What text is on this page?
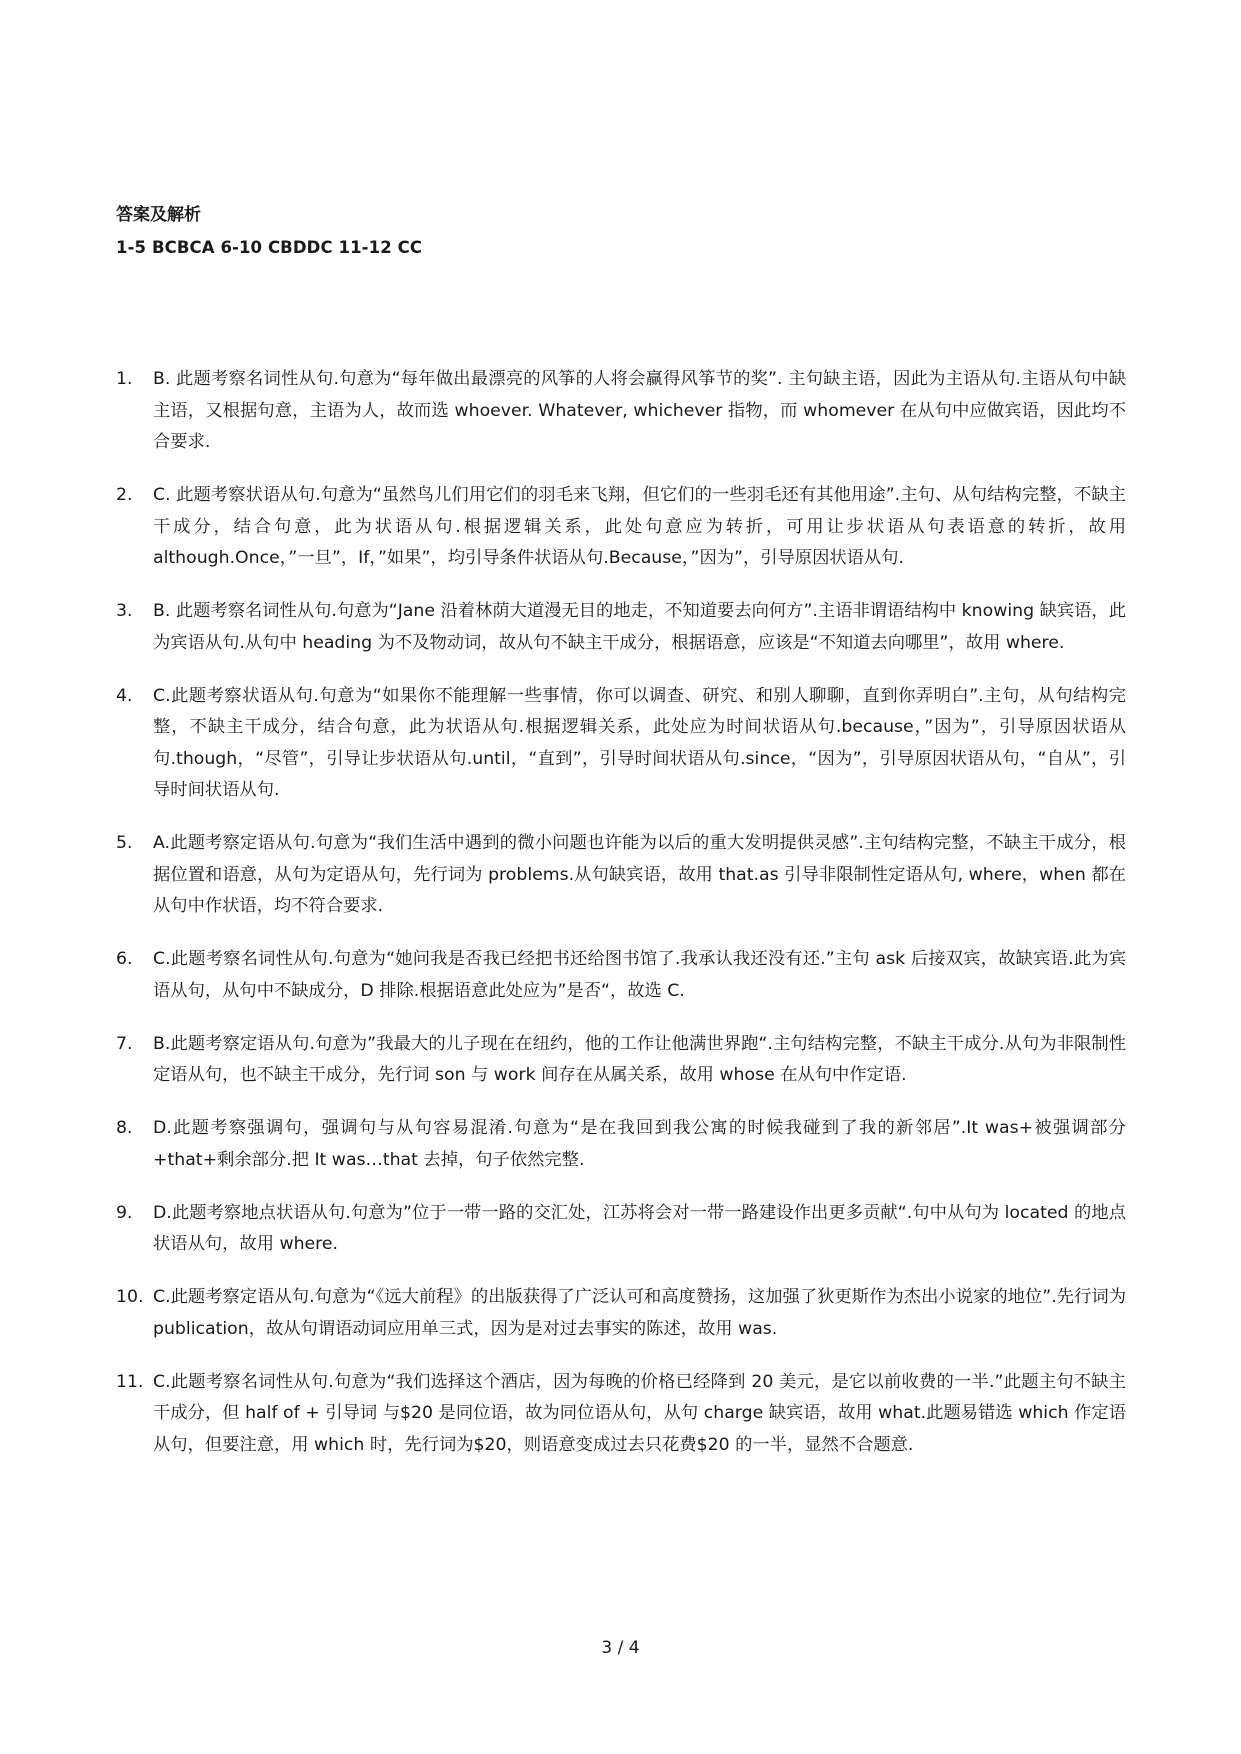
答案及解析
1-5 BCBCA 6-10 CBDDC 11-12 CC
1.	B. 此题考察名词性从句.句意为“每年做出最漂亮的风筝的人将会赢得风筝节的奖”. 主句缺主语，因此为主语从句.主语从句中缺主语，又根据句意，主语为人，故而选 whoever. Whatever, whichever 指物，而 whomever 在从句中应做宾语，因此均不合要求.
2.	C. 此题考察状语从句.句意为“虽然鸟儿们用它们的羽毛来飞翔，但它们的一些羽毛还有其他用途”.主句、从句结构完整，不缺主干成分，结合句意，此为状语从句.根据逻辑关系，此处句意应为转折，可用让步状语从句表语意的转折，故用 although.Once，”一旦”，If，”如果”，均引导条件状语从句.Because，”因为”，引导原因状语从句.
3.	B. 此题考察名词性从句.句意为“Jane 沿着林荫大道漫无目的地走，不知道要去向何方”.主语非谓语结构中 knowing 缺宾语，此为宾语从句.从句中 heading 为不及物动词，故从句不缺主干成分，根据语意，应该是“不知道去向哪里”，故用 where.
4.	C.此题考察状语从句.句意为“如果你不能理解一些事情，你可以调查、研究、和别人聊聊，直到你弄明白”.主句，从句结构完整，不缺主干成分，结合句意，此为状语从句.根据逻辑关系，此处应为时间状语从句.because，”因为”，引导原因状语从句.though，“尽管”，引导让步状语从句.until，“直到”，引导时间状语从句.since，“因为”，引导原因状语从句，“自从”，引导时间状语从句.
5.	A.此题考察定语从句.句意为“我们生活中遇到的微小问题也许能为以后的重大发明提供灵感”.主句结构完整，不缺主干成分，根据位置和语意，从句为定语从句，先行词为 problems.从句缺宾语，故用 that.as 引导非限制性定语从句, where，when 都在从句中作状语，均不符合要求.
6.	C.此题考察名词性从句.句意为“她问我是否我已经把书还给图书馆了.我承认我还没有还.”主句 ask 后接双宾，故缺宾语.此为宾语从句，从句中不缺成分，D 排除.根据语意此处应为”是否“，故选 C.
7.	B.此题考察定语从句.句意为”我最大的儿子现在在纽约，他的工作让他满世界跑“.主句结构完整，不缺主干成分.从句为非限制性定语从句，也不缺主干成分，先行词 son 与 work 间存在从属关系，故用 whose 在从句中作定语.
8.	D.此题考察强调句，强调句与从句容易混淆.句意为“是在我回到我公寓的时候我碰到了我的新邻居”.It was+被强调部分+that+剩余部分.把 It was…that 去掉，句子依然完整.
9.	D.此题考察地点状语从句.句意为”位于一带一路的交汇处，江苏将会对一带一路建设作出更多贡献“.句中从句为 located 的地点状语从句，故用 where.
10. C.此题考察定语从句.句意为“《远大前程》的出版获得了广泛认可和高度赞扬，这加强了狄更斯作为杰出小说家的地位”.先行词为 publication，故从句谓语动词应用单三式，因为是对过去事实的陈述，故用 was.
11. C.此题考察名词性从句.句意为“我们选择这个酒店，因为每晚的价格已经降到 20 美元，是它以前收费的一半.”此题主句不缺主干成分，但 half of + 引导词 与$20 是同位语，故为同位语从句，从句 charge 缺宾语，故用 what.此题易错选 which 作定语从句，但要注意，用 which 时，先行词为$20，则语意变成过去只花费$20 的一半，显然不合题意.
3 / 4
